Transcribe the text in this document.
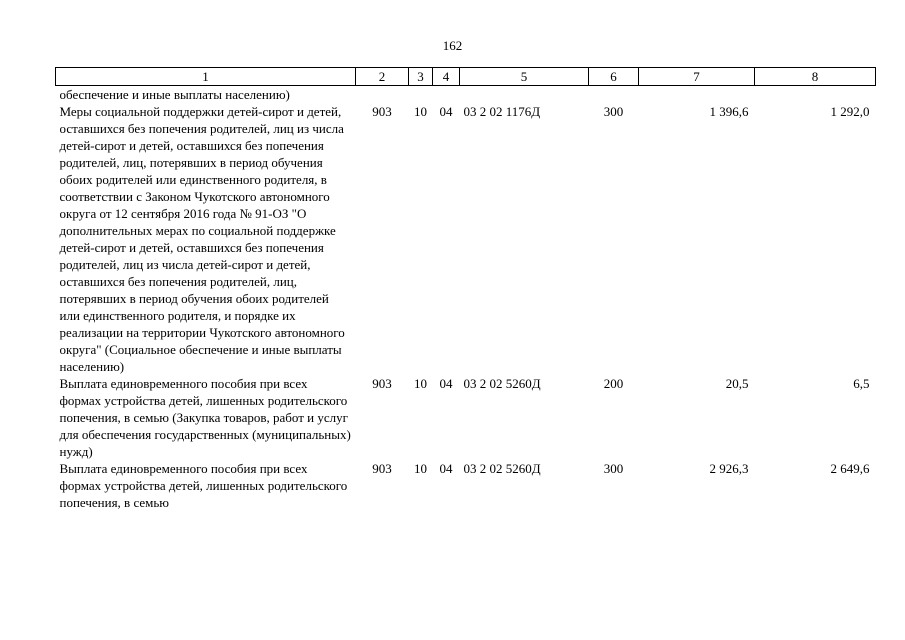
162
1	2	3	4	5	6	7	8
обеспечение и иные выплаты населению)							
Меры социальной поддержки детей-сирот и детей, оставшихся без попечения родителей, лиц из числа детей-сирот и детей, оставшихся без попечения родителей, лиц, потерявших в период обучения обоих родителей или единственного родителя, в соответствии с Законом Чукотского автономного округа от 12 сентября 2016 года № 91-ОЗ "О дополнительных мерах по социальной поддержке детей-сирот и детей, оставшихся без попечения родителей, лиц из числа детей-сирот и детей, оставшихся без попечения родителей, лиц, потерявших в период обучения обоих родителей или единственного родителя, и порядке их реализации на территории Чукотского автономного округа" (Социальное обеспечение и иные выплаты населению)	903	10	04	03 2 02 1176Д	300	1 396,6	1 292,0
Выплата единовременного пособия при всех формах устройства детей, лишенных родительского попечения, в семью (Закупка товаров, работ и услуг для обеспечения государственных (муниципальных) нужд)	903	10	04	03 2 02 5260Д	200	20,5	6,5
Выплата единовременного пособия при всех формах устройства детей, лишенных родительского попечения, в семью	903	10	04	03 2 02 5260Д	300	2 926,3	2 649,6
